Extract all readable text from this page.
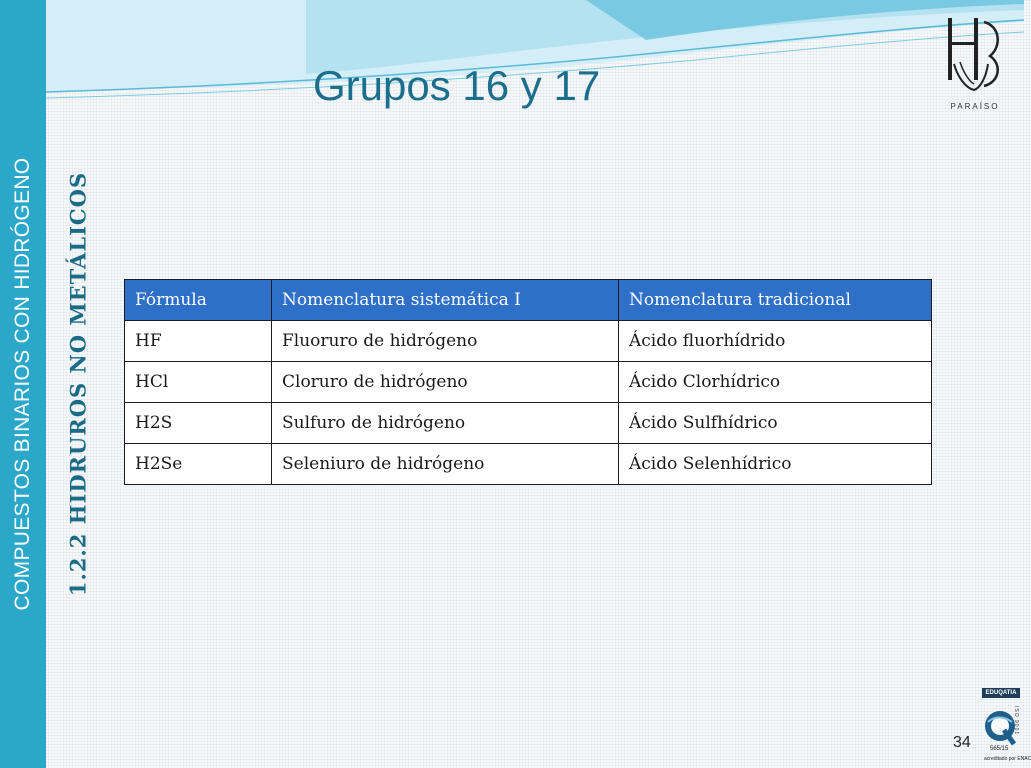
COMPUESTOS BINARIOS CON HIDRÓGENO
Grupos 16 y 17	PARAÍSO
1.2.2 HIDRUROS NO METÁLICOS	Fórmula	Nomenclatura sistemática I	Nomenclatura tradicional
HF	Fluoruro de hidrógeno	Ácido fluorhídrido
HCl	Cloruro de hidrógeno	Ácido Clorhídrico
H2S	Sulfuro de hidrógeno	Ácido Sulfhídrico
H2Se	Seleniuro de hidrógeno	Ácido Selenhídrico
34
EDUQATIA
ISO 9001
565/15
acreditado por ENAC
